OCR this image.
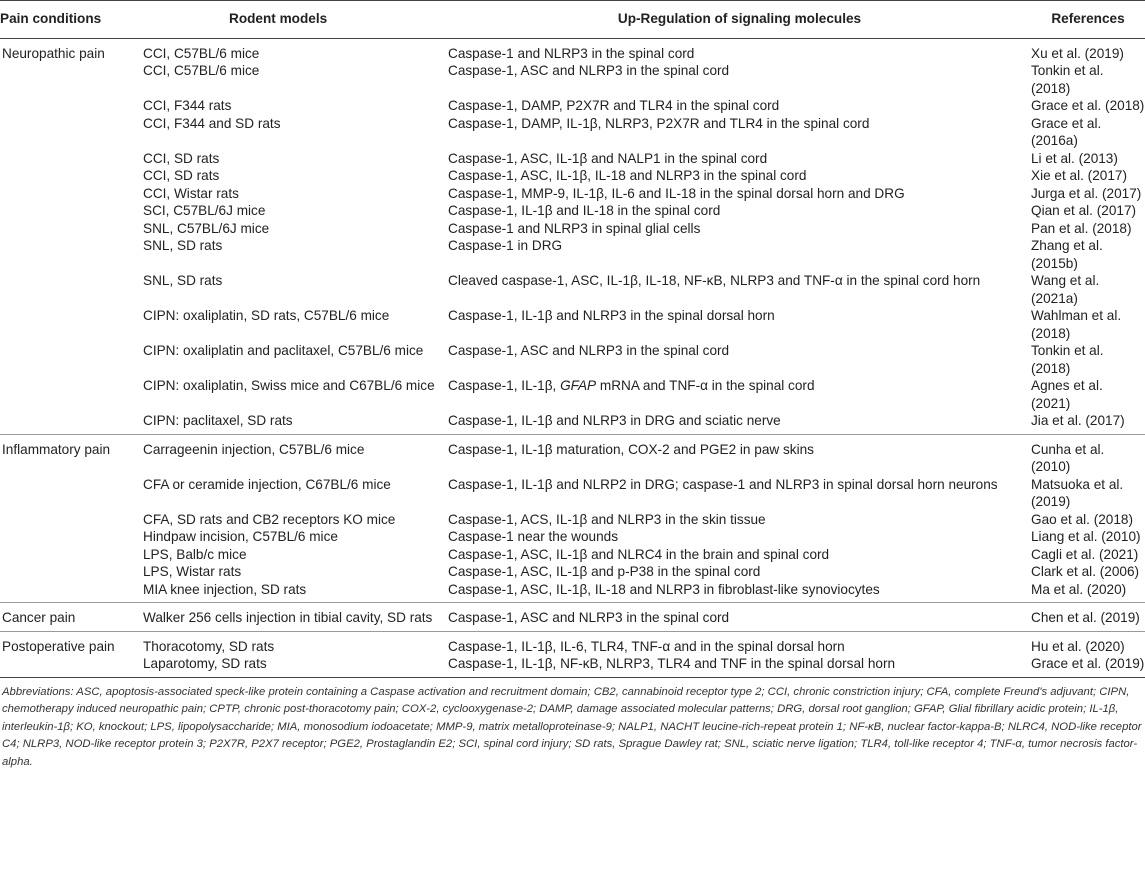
Pain conditions	Rodent models	Up-Regulation of signaling molecules	References
Neuropathic pain	CCI, C57BL/6 mice	Caspase-1 and NLRP3 in the spinal cord	Xu et al. (2019)
	CCI, C57BL/6 mice	Caspase-1, ASC and NLRP3 in the spinal cord	Tonkin et al. (2018)
	CCI, F344 rats	Caspase-1, DAMP, P2X7R and TLR4 in the spinal cord	Grace et al. (2018)
	CCI, F344 and SD rats	Caspase-1, DAMP, IL-1β, NLRP3, P2X7R and TLR4 in the spinal cord	Grace et al. (2016a)
	CCI, SD rats	Caspase-1, ASC, IL-1β and NALP1 in the spinal cord	Li et al. (2013)
	CCI, SD rats	Caspase-1, ASC, IL-1β, IL-18 and NLRP3 in the spinal cord	Xie et al. (2017)
	CCI, Wistar rats	Caspase-1, MMP-9, IL-1β, IL-6 and IL-18 in the spinal dorsal horn and DRG	Jurga et al. (2017)
	SCI, C57BL/6J mice	Caspase-1, IL-1β and IL-18 in the spinal cord	Qian et al. (2017)
	SNL, C57BL/6J mice	Caspase-1 and NLRP3 in spinal glial cells	Pan et al. (2018)
	SNL, SD rats	Caspase-1 in DRG	Zhang et al. (2015b)
	SNL, SD rats	Cleaved caspase-1, ASC, IL-1β, IL-18, NF-κB, NLRP3 and TNF-α in the spinal cord horn	Wang et al. (2021a)
	CIPN: oxaliplatin, SD rats, C57BL/6 mice	Caspase-1, IL-1β and NLRP3 in the spinal dorsal horn	Wahlman et al. (2018)
	CIPN: oxaliplatin and paclitaxel, C57BL/6 mice	Caspase-1, ASC and NLRP3 in the spinal cord	Tonkin et al. (2018)
	CIPN: oxaliplatin, Swiss mice and C67BL/6 mice	Caspase-1, IL-1β, GFAP mRNA and TNF-α in the spinal cord	Agnes et al. (2021)
	CIPN: paclitaxel, SD rats	Caspase-1, IL-1β and NLRP3 in DRG and sciatic nerve	Jia et al. (2017)
Inflammatory pain	Carrageenin injection, C57BL/6 mice	Caspase-1, IL-1β maturation, COX-2 and PGE2 in paw skins	Cunha et al. (2010)
	CFA or ceramide injection, C67BL/6 mice	Caspase-1, IL-1β and NLRP2 in DRG; caspase-1 and NLRP3 in spinal dorsal horn neurons	Matsuoka et al. (2019)
	CFA, SD rats and CB2 receptors KO mice	Caspase-1, ACS, IL-1β and NLRP3 in the skin tissue	Gao et al. (2018)
	Hindpaw incision, C57BL/6 mice	Caspase-1 near the wounds	Liang et al. (2010)
	LPS, Balb/c mice	Caspase-1, ASC, IL-1β and NLRC4 in the brain and spinal cord	Cagli et al. (2021)
	LPS, Wistar rats	Caspase-1, ASC, IL-1β and p-P38 in the spinal cord	Clark et al. (2006)
	MIA knee injection, SD rats	Caspase-1, ASC, IL-1β, IL-18 and NLRP3 in fibroblast-like synoviocytes	Ma et al. (2020)
Cancer pain	Walker 256 cells injection in tibial cavity, SD rats	Caspase-1, ASC and NLRP3 in the spinal cord	Chen et al. (2019)
Postoperative pain	Thoracotomy, SD rats	Caspase-1, IL-1β, IL-6, TLR4, TNF-α and in the spinal dorsal horn	Hu et al. (2020)
	Laparotomy, SD rats	Caspase-1, IL-1β, NF-κB, NLRP3, TLR4 and TNF in the spinal dorsal horn	Grace et al. (2019)
Abbreviations: ASC, apoptosis-associated speck-like protein containing a Caspase activation and recruitment domain; CB2, cannabinoid receptor type 2; CCI, chronic constriction injury; CFA, complete Freund's adjuvant; CIPN, chemotherapy induced neuropathic pain; CPTP, chronic post-thoracotomy pain; COX-2, cyclooxygenase-2; DAMP, damage associated molecular patterns; DRG, dorsal root ganglion; GFAP, Glial fibrillary acidic protein; IL-1β, interleukin-1β; KO, knockout; LPS, lipopolysaccharide; MIA, monosodium iodoacetate; MMP-9, matrix metalloproteinase-9; NALP1, NACHT leucine-rich-repeat protein 1; NF-κB, nuclear factor-kappa-B; NLRC4, NOD-like receptor C4; NLRP3, NOD-like receptor protein 3; P2X7R, P2X7 receptor; PGE2, Prostaglandin E2; SCI, spinal cord injury; SD rats, Sprague Dawley rat; SNL, sciatic nerve ligation; TLR4, toll-like receptor 4; TNF-α, tumor necrosis factor-alpha.
